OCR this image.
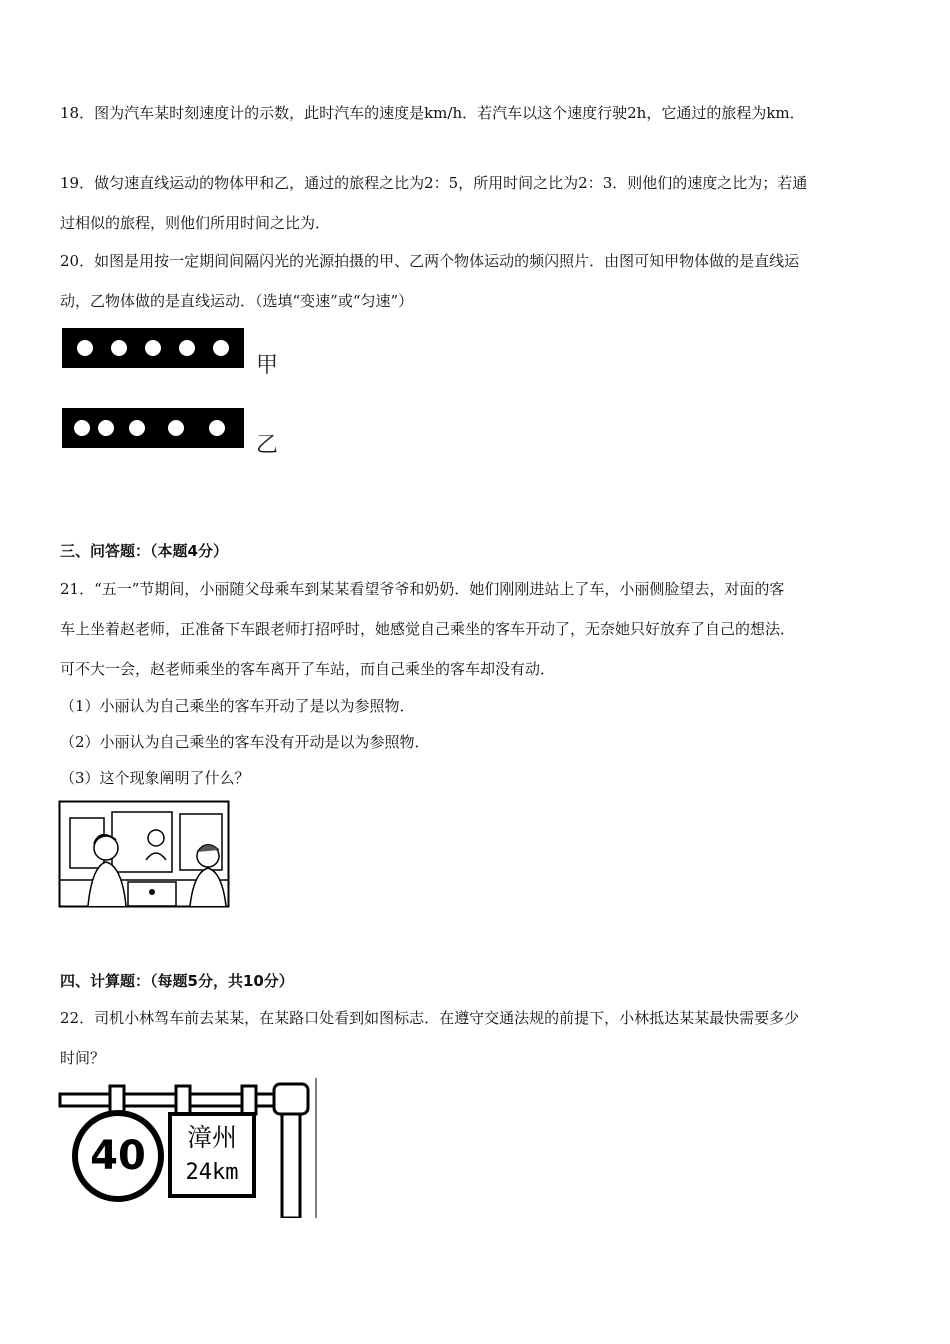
18．图为汽车某时刻速度计的示数，此时汽车的速度是km/h．若汽车以这个速度行驶2h，它通过的旅程为km．
19．做匀速直线运动的物体甲和乙，通过的旅程之比为2：5，所用时间之比为2：3．则他们的速度之比为；若通
过相似的旅程，则他们所用时间之比为．
20．如图是用按一定期间间隔闪光的光源拍摄的甲、乙两个物体运动的频闪照片．由图可知甲物体做的是直线运
动，乙物体做的是直线运动．（选填“变速”或“匀速”）
甲
乙
三、问答题：（本题4分）
21．“五一”节期间，小丽随父母乘车到某某看望爷爷和奶奶．她们刚刚进站上了车，小丽侧脸望去，对面的客
车上坐着赵老师，正准备下车跟老师打招呼时，她感觉自己乘坐的客车开动了，无奈她只好放弃了自己的想法．
可不大一会，赵老师乘坐的客车离开了车站，而自己乘坐的客车却没有动．
（1）小丽认为自己乘坐的客车开动了是以为参照物．
（2）小丽认为自己乘坐的客车没有开动是以为参照物．
（3）这个现象阐明了什么？
四、计算题：（每题5分，共10分）
22．司机小林驾车前去某某，在某路口处看到如图标志．在遵守交通法规的前提下，小林抵达某某最快需要多少
时间？
40	漳州
24km
